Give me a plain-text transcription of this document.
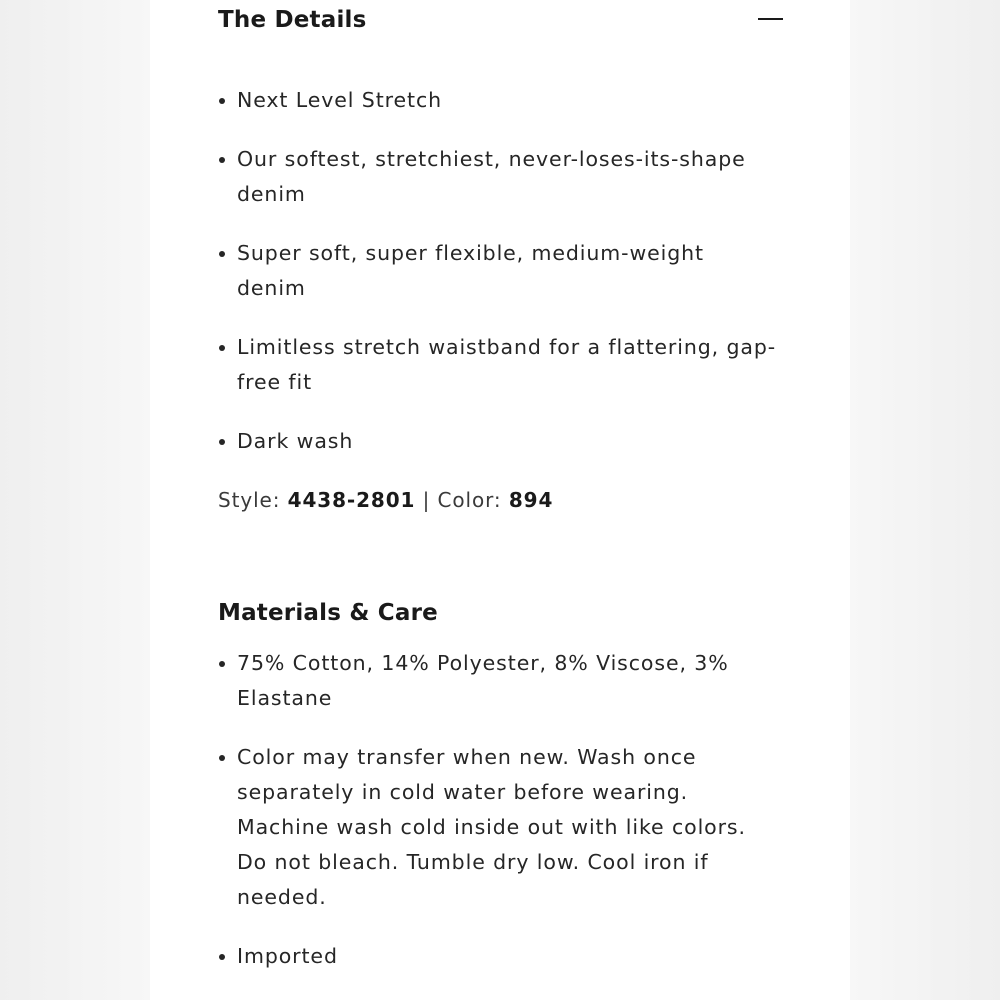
The Details
Next Level Stretch
Our softest, stretchiest, never-loses-its-shape denim
Super soft, super flexible, medium-weight denim
Limitless stretch waistband for a flattering, gap-free fit
Dark wash
Style: 4438-2801 | Color: 894
Materials & Care
75% Cotton, 14% Polyester, 8% Viscose, 3% Elastane
Color may transfer when new. Wash once separately in cold water before wearing. Machine wash cold inside out with like colors. Do not bleach. Tumble dry low. Cool iron if needed.
Imported
